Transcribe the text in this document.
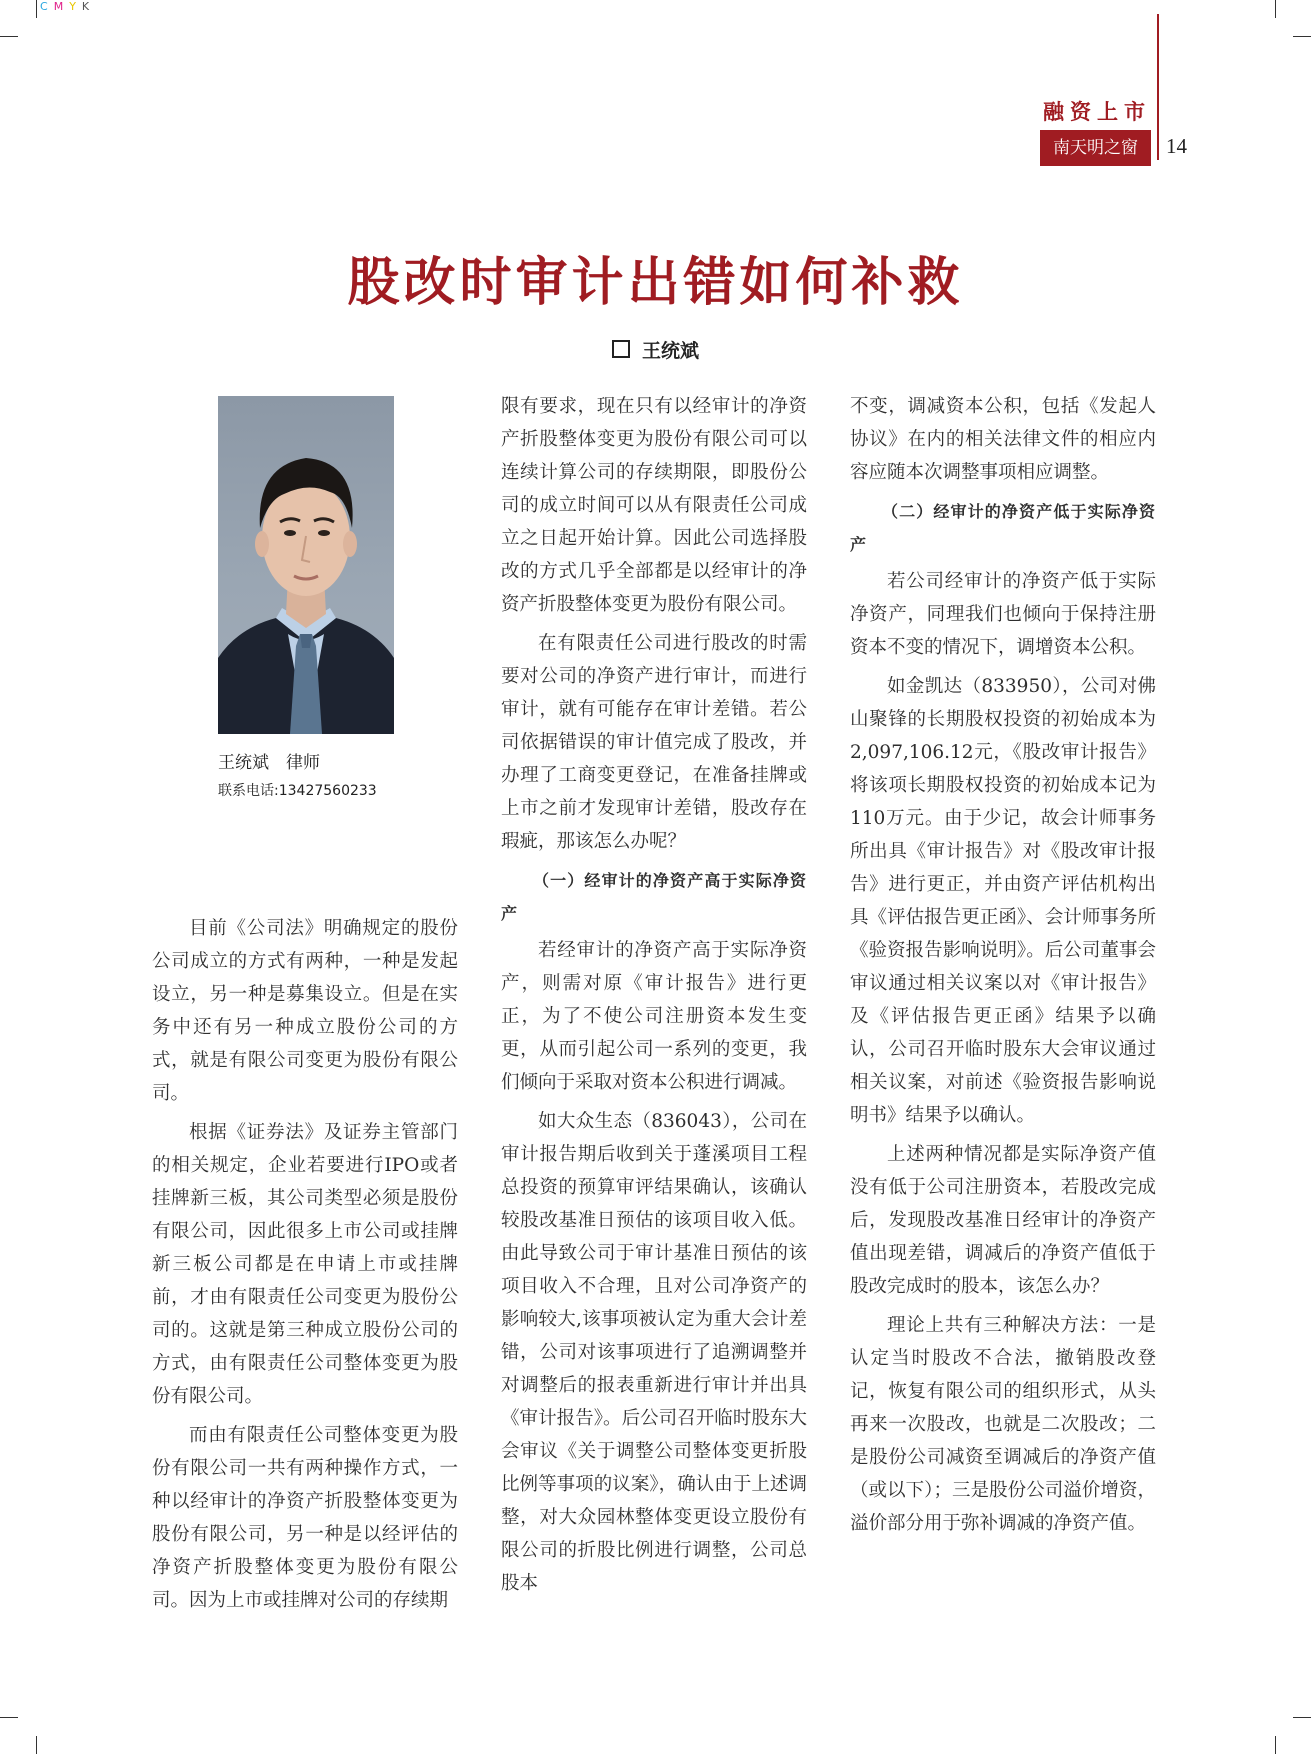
CMYK
融资上市
南天明之窗	14
股改时审计出错如何补救
王统斌
王统斌　律师
联系电话:13427560233

目前《公司法》明确规定的股份公司成立的方式有两种，一种是发起设立，另一种是募集设立。但是在实务中还有另一种成立股份公司的方式，就是有限公司变更为股份有限公司。

根据《证券法》及证券主管部门的相关规定，企业若要进行IPO或者挂牌新三板，其公司类型必须是股份有限公司，因此很多上市公司或挂牌新三板公司都是在申请上市或挂牌前，才由有限责任公司变更为股份公司的。这就是第三种成立股份公司的方式，由有限责任公司整体变更为股份有限公司。

而由有限责任公司整体变更为股份有限公司一共有两种操作方式，一种以经审计的净资产折股整体变更为股份有限公司，另一种是以经评估的净资产折股整体变更为股份有限公司。因为上市或挂牌对公司的存续期

限有要求，现在只有以经审计的净资产折股整体变更为股份有限公司可以连续计算公司的存续期限，即股份公司的成立时间可以从有限责任公司成立之日起开始计算。因此公司选择股改的方式几乎全部都是以经审计的净资产折股整体变更为股份有限公司。

在有限责任公司进行股改的时需要对公司的净资产进行审计，而进行审计，就有可能存在审计差错。若公司依据错误的审计值完成了股改，并办理了工商变更登记，在准备挂牌或上市之前才发现审计差错，股改存在瑕疵，那该怎么办呢？

（一）经审计的净资产高于实际净资产

若经审计的净资产高于实际净资产，则需对原《审计报告》进行更正，为了不使公司注册资本发生变更，从而引起公司一系列的变更，我们倾向于采取对资本公积进行调减。

如大众生态（836043），公司在审计报告期后收到关于蓬溪项目工程总投资的预算审评结果确认，该确认较股改基准日预估的该项目收入低。由此导致公司于审计基准日预估的该项目收入不合理，且对公司净资产的影响较大,该事项被认定为重大会计差错，公司对该事项进行了追溯调整并对调整后的报表重新进行审计并出具《审计报告》。后公司召开临时股东大会审议《关于调整公司整体变更折股比例等事项的议案》，确认由于上述调整，对大众园林整体变更设立股份有限公司的折股比例进行调整，公司总股本

不变，调减资本公积，包括《发起人协议》在内的相关法律文件的相应内容应随本次调整事项相应调整。

（二）经审计的净资产低于实际净资产

若公司经审计的净资产低于实际净资产，同理我们也倾向于保持注册资本不变的情况下，调增资本公积。

如金凯达（833950），公司对佛山聚锋的长期股权投资的初始成本为2,097,106.12元，《股改审计报告》将该项长期股权投资的初始成本记为110万元。由于少记，故会计师事务所出具《审计报告》对《股改审计报告》进行更正，并由资产评估机构出具《评估报告更正函》、会计师事务所《验资报告影响说明》。后公司董事会审议通过相关议案以对《审计报告》及《评估报告更正函》结果予以确认，公司召开临时股东大会审议通过相关议案，对前述《验资报告影响说明书》结果予以确认。

上述两种情况都是实际净资产值没有低于公司注册资本，若股改完成后，发现股改基准日经审计的净资产值出现差错，调减后的净资产值低于股改完成时的股本，该怎么办？

理论上共有三种解决方法：一是认定当时股改不合法，撤销股改登记，恢复有限公司的组织形式，从头再来一次股改，也就是二次股改；二是股份公司减资至调减后的净资产值（或以下）；三是股份公司溢价增资，溢价部分用于弥补调减的净资产值。
